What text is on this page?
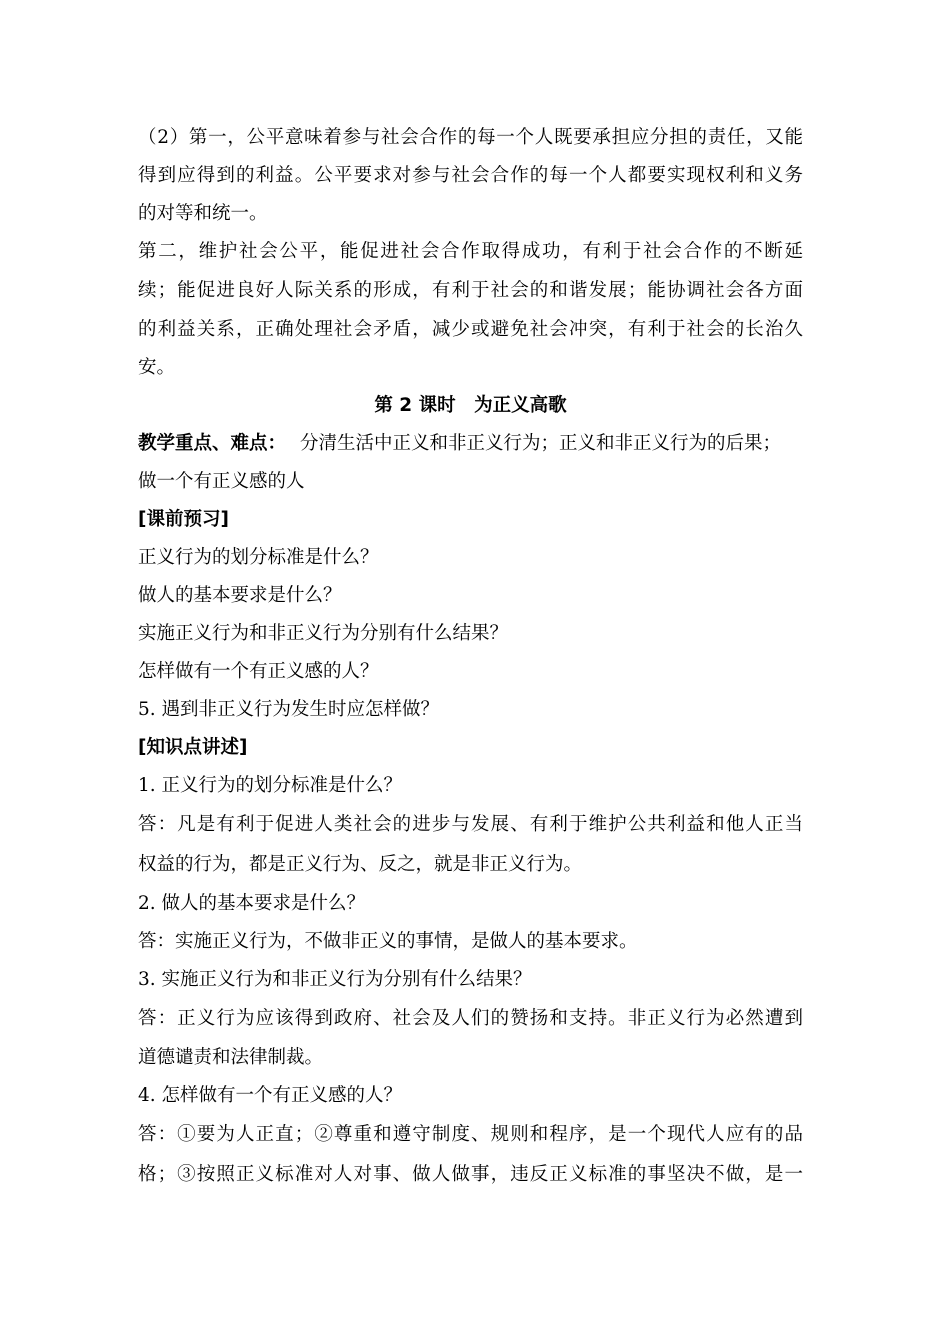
（2）第一，公平意味着参与社会合作的每一个人既要承担应分担的责任，又能
得到应得到的利益。公平要求对参与社会合作的每一个人都要实现权利和义务
的对等和统一。
第二，维护社会公平，能促进社会合作取得成功，有利于社会合作的不断延
续；能促进良好人际关系的形成，有利于社会的和谐发展；能协调社会各方面
的利益关系，正确处理社会矛盾，减少或避免社会冲突，有利于社会的长治久
安。
第 2 课时　为正义高歌
教学重点、难点： 分清生活中正义和非正义行为；正义和非正义行为的后果；
做一个有正义感的人
[课前预习]
正义行为的划分标准是什么？
做人的基本要求是什么？
实施正义行为和非正义行为分别有什么结果？
怎样做有一个有正义感的人？
5. 遇到非正义行为发生时应怎样做？
[知识点讲述]
1. 正义行为的划分标准是什么？
答：凡是有利于促进人类社会的进步与发展、有利于维护公共利益和他人正当
权益的行为，都是正义行为、反之，就是非正义行为。
2. 做人的基本要求是什么？
答：实施正义行为，不做非正义的事情，是做人的基本要求。
3. 实施正义行为和非正义行为分别有什么结果？
答：正义行为应该得到政府、社会及人们的赞扬和支持。非正义行为必然遭到
道德谴责和法律制裁。
4. 怎样做有一个有正义感的人？
答：①要为人正直；②尊重和遵守制度、规则和程序，是一个现代人应有的品
格；③按照正义标准对人对事、做人做事，违反正义标准的事坚决不做，是一
